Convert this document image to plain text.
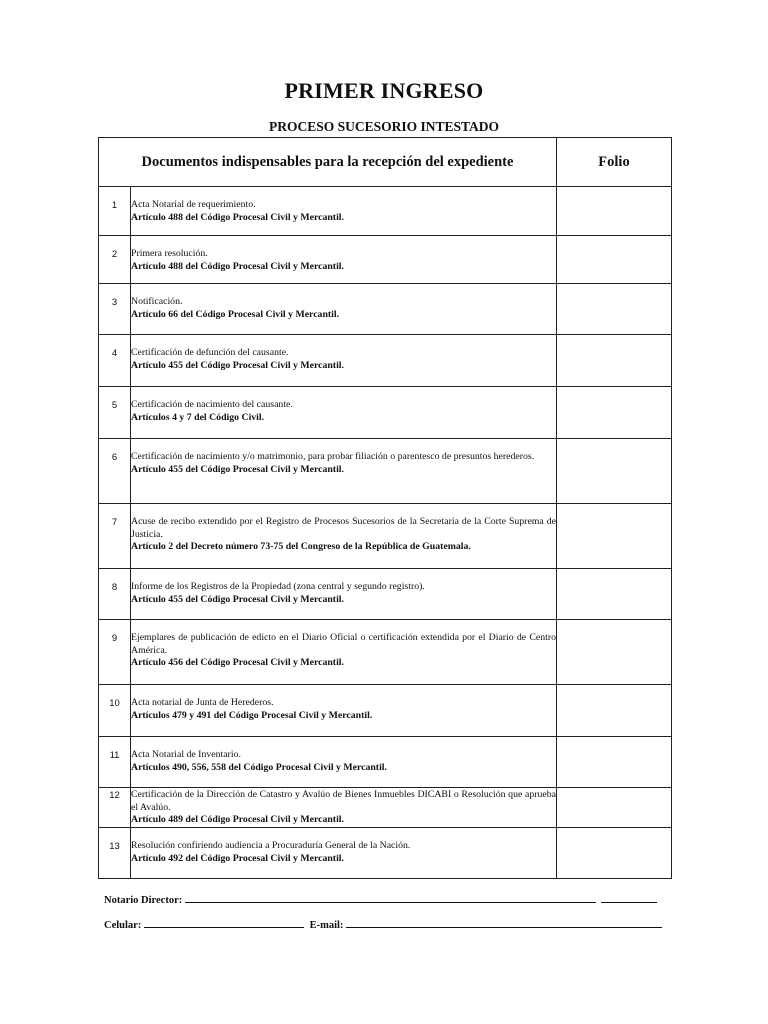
PRIMER INGRESO
PROCESO SUCESORIO INTESTADO
Documentos indispensables para la recepción del expediente		Folio
1	Acta Notarial de requerimiento.
Artículo 488 del Código Procesal Civil y Mercantil.	

2	Primera resolución.
Artículo 488 del Código Procesal Civil y Mercantil.	

3	Notificación.
Artículo 66 del Código Procesal Civil y Mercantil.	

4	Certificación de defunción del causante.
Artículo 455 del Código Procesal Civil y Mercantil.	

5	Certificación de nacimiento del causante.
Artículos 4 y 7 del Código Civil.	

6	Certificación de nacimiento y/o matrimonio, para probar filiación o parentesco de presuntos herederos.
Artículo 455 del Código Procesal Civil y Mercantil.	

7	Acuse de recibo extendido por el Registro de Procesos Sucesorios de la Secretaría de la Corte Suprema de Justicia.
Artículo 2 del Decreto número 73-75 del Congreso de la República de Guatemala.	

8	Informe de los Registros de la Propiedad (zona central y segundo registro).
Artículo 455 del Código Procesal Civil y Mercantil.	

9	Ejemplares de publicación de edicto en el Diario Oficial o certificación extendida por el Diario de Centro América.
Artículo 456 del Código Procesal Civil y Mercantil.	

10	Acta notarial de Junta de Herederos.
Artículos 479 y 491 del Código Procesal Civil y Mercantil.	

11	Acta Notarial de Inventario.
Artículos 490, 556, 558 del Código Procesal Civil y Mercantil.	

12	Certificación de la Dirección de Catastro y Avalúo de Bienes Inmuebles DICABI o Resolución que aprueba el Avalúo.
Artículo 489 del Código Procesal Civil y Mercantil.	

13	Resolución confiriendo audiencia a Procuraduría General de la Nación.
Artículo 492 del Código Procesal Civil y Mercantil.	

Notario Director:
Celular:	E-mail:
